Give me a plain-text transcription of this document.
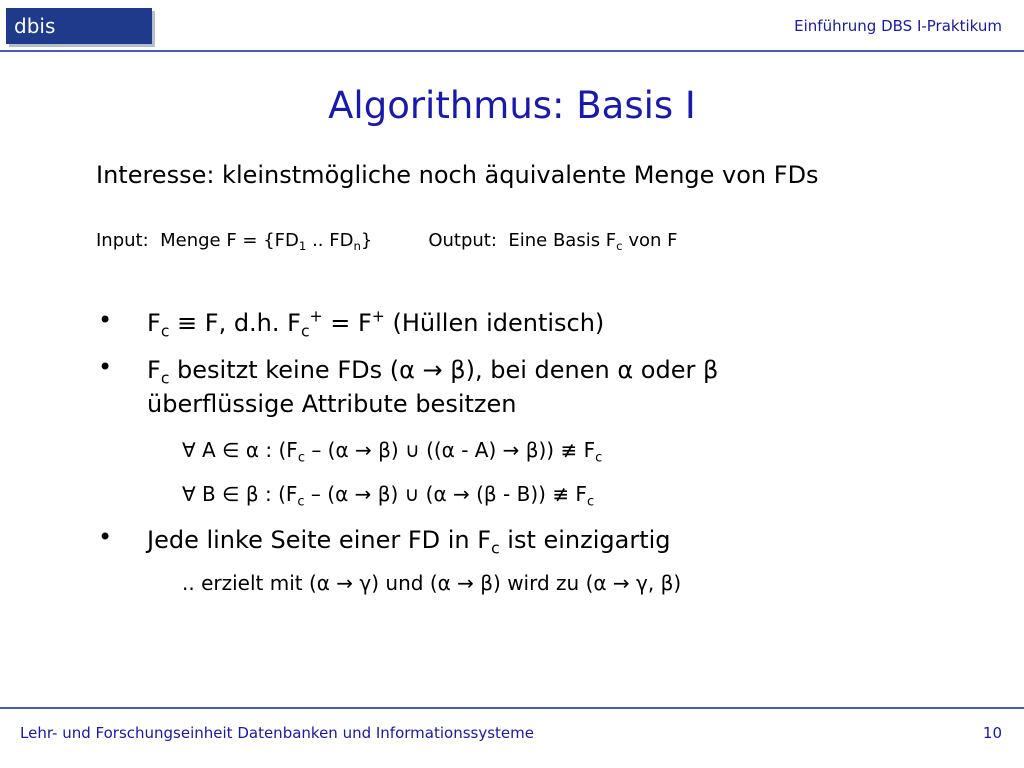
dbis	Einführung DBS I-Praktikum
Algorithmus: Basis I
Interesse: kleinstmögliche noch äquivalente Menge von FDs
Input:  Menge $F = \{FD_1$ .. $FD_n$}	Output:  Eine Basis $F_c$ von F
• $F_c \equiv F$, d.h. $F_c^+ = F^+$ (Hüllen identisch)
• $F_c$ besitzt keine FDs (α → β), bei denen α oder β
überflüssige Attribute besitzen
∀ A ∈ α : ($F_c - (\alpha \to \beta)$ ∪ ((α - A) → β)) ≢ $F_c$
∀ B ∈ β : ($F_c - (\alpha \to \beta)$ ∪ (α → (β - B)) ≢ $F_c$
• Jede linke Seite einer FD in $F_c$ ist einzigartig
.. erzielt mit (α → γ) und (α → β) wird zu (α → γ, β)
Lehr- und Forschungseinheit Datenbanken und Informationssysteme	10
